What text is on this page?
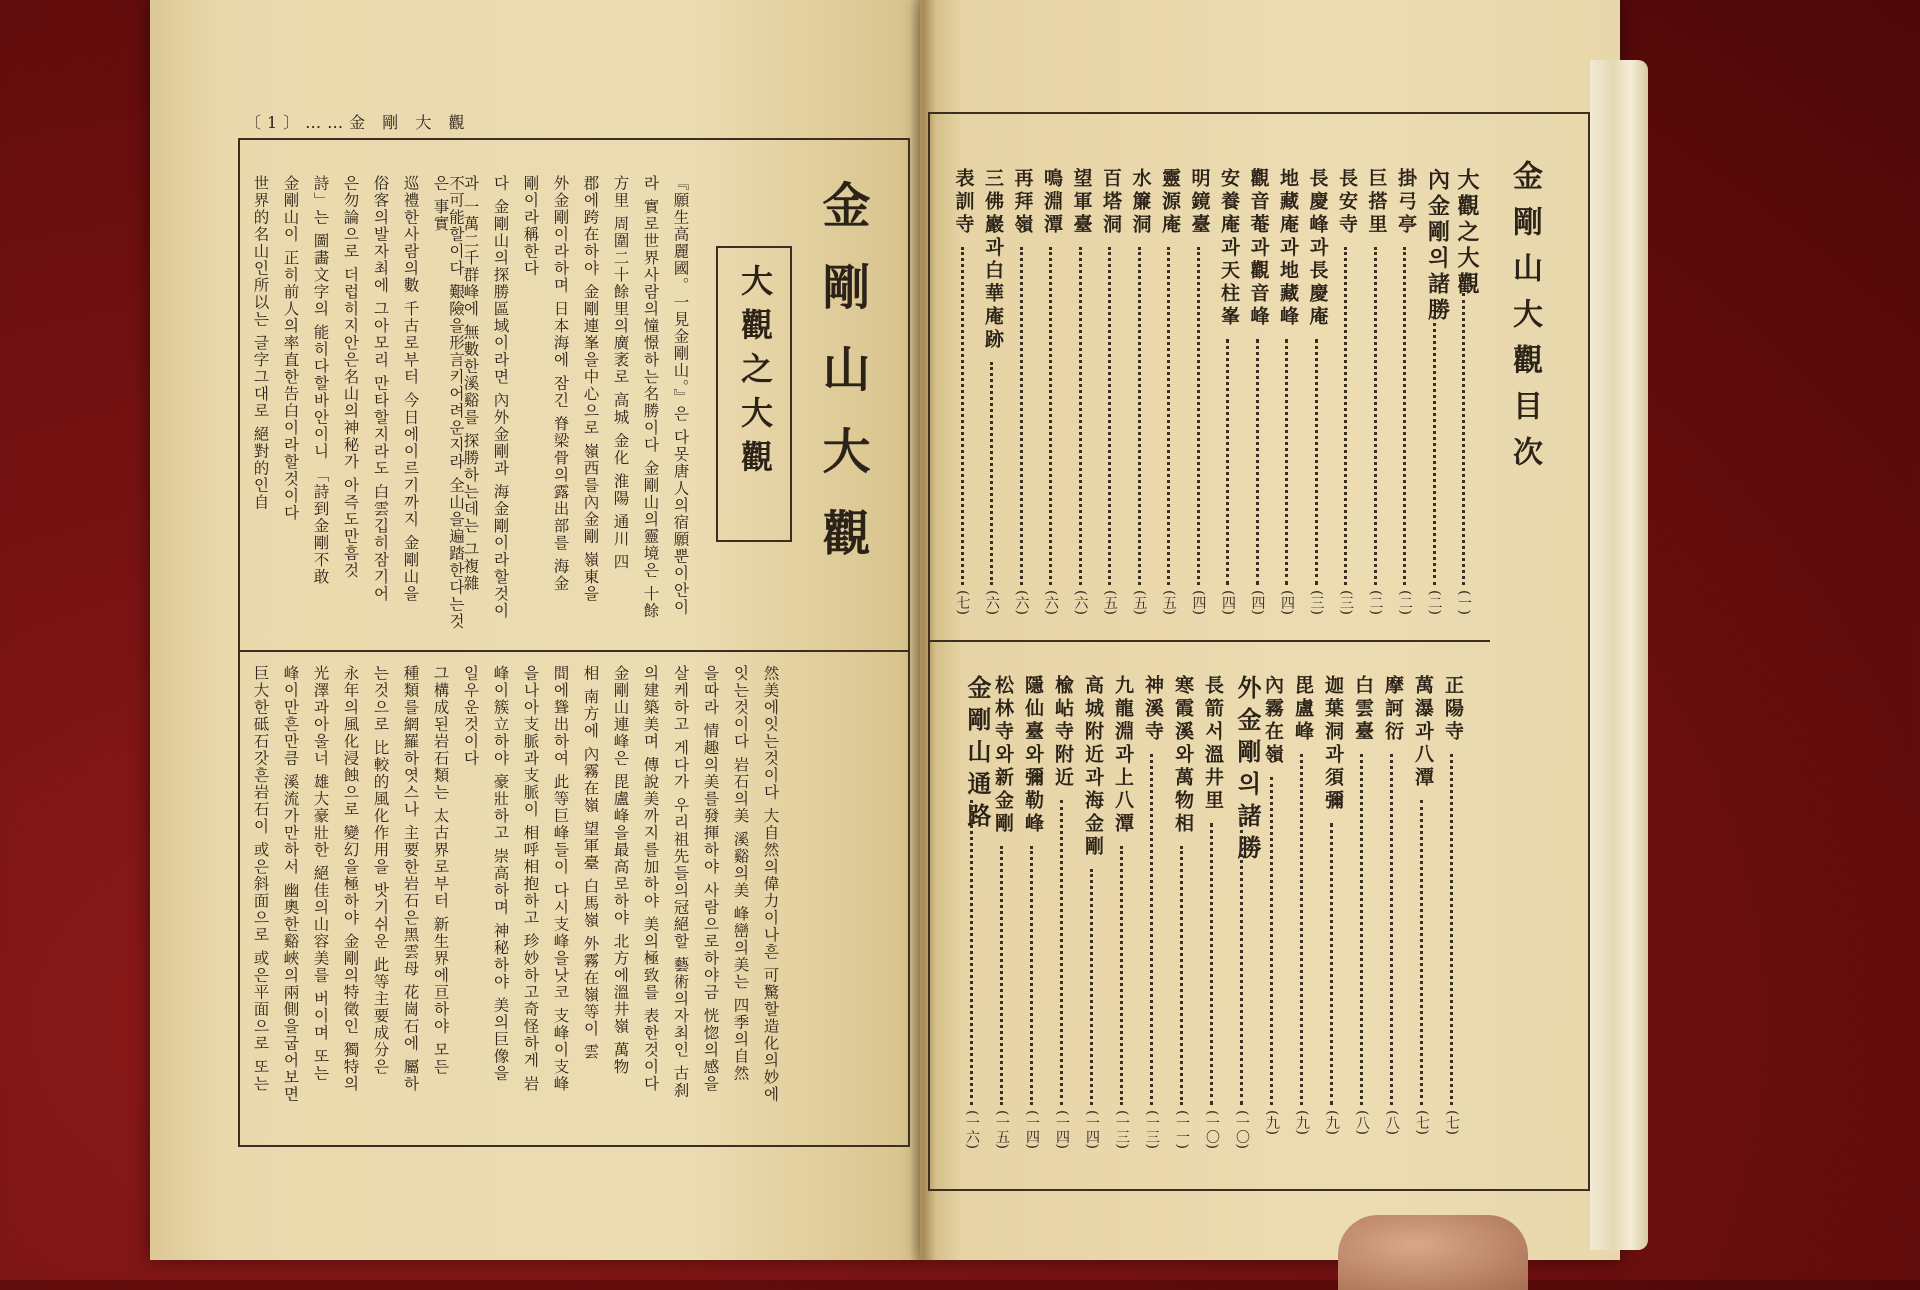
〔1〕……金 剛 大 觀
金剛山大觀
大觀之大觀
『願生高麗國。一見金剛山。』은 다못唐人의宿願뿐이안이
라 實로世界사람의憧憬하는名勝이다 金剛山의靈境은 十餘
方里 周圍二十餘里의廣袤로 高城 金化 淮陽 通川 四
郡에跨在하야 金剛連峯을中心으로 嶺西를內金剛 嶺東을
外金剛이라하며 日本海에 잠긴 脊梁骨의露出部를 海金
剛이라稱한다
다 金剛山의探勝區域이라면 內外金剛과 海金剛이라할것이
과 一萬二千群峰에 無數한溪谿를 探勝하는데는 그複雜
不可能할이다 艱險을形言키어려운지라 全山을遍踏한다는것은 事實
巡禮한사람의數 千古로부터 今日에이르기까지 金剛山을
俗客의발자최에 그아모리 만타할지라도 白雲깁히잠기어
은勿論으로 더럽히지안은名山의神秘가 아즉도만흠것
詩」는 圖畵文字의 能히다할바안이니 「詩到金剛不敢
金剛山이 正히前人의率直한告白이라할것이다
世界的名山인所以는 글字그대로 絕對的인自
然美에잇는것이다 大自然의偉力이나흔 可驚할造化의妙에
잇는것이다 岩石의美 溪谿의美 峰巒의美는 四季의自然
을따라 情趣의美를發揮하야 사람으로하야금 恍惚의感을
살케하고 게다가 우리祖先들의冠絕할 藝術의자최인 古刹
의建築美며 傳說美까지를加하야 美의極致를 表한것이다
金剛山連峰은 毘盧峰을最高로하야 北方에溫井嶺 萬物
相 南方에 內霧在嶺 望軍臺 白馬嶺 外霧在嶺等이 雲
間에聳出하여 此等巨峰들이 다시支峰을낫코 支峰이支峰
을나아支脈과支脈이 相呼相抱하고 珍妙하고奇怪하게 岩
峰이簇立하야 豪壯하고 崇高하며 神秘하야 美의巨像을
일우운것이다
그構成된岩石類는 太古界로부터 新生界에亘하야 모든
種類를網羅하엿스나 主要한岩石은黑雲母 花崗石에 屬하
는것으로 比較的風化作用을 밧기쉬운 此等主要成分은
永年의風化浸蝕으로 變幻을極하야 金剛의特徵인 獨特의
光澤과아울너 雄大豪壯한 絕佳의山容美를 버이며 또는
峰이만흔만큼 溪流가만하서 幽奧한谿峽의兩側을굽어보면
巨大한砥石갓흔岩石이 或은斜面으로 或은平面으로 또는
金剛山大觀目次
大觀之大觀
(一)
內金剛의諸勝
(二)
掛弓亭
(二)
巨搭里
(二)
長安寺
(三)
長慶峰과長慶庵
(三)
地藏庵과地藏峰
(四)
觀音菴과觀音峰
(四)
安養庵과天柱峯
(四)
明鏡臺
(四)
靈源庵
(五)
水簾洞
(五)
百塔洞
(五)
望軍臺
(六)
鳴淵潭
(六)
再拜嶺
(六)
三佛巖과白華庵跡
(六)
表訓寺
(七)
正陽寺
(七)
萬瀑과八潭
(七)
摩訶衍
(八)
白雲臺
(八)
迦葉洞과須彌
(九)
毘盧峰
(九)
內霧在嶺
(九)
外金剛의諸勝
(一〇)
長箭서溫井里
(一〇)
寒霞溪와萬物相
(一一)
神溪寺
(一三)
九龍淵과上八潭
(一三)
高城附近과海金剛
(一四)
楡岾寺附近
(一四)
隱仙臺와彌勒峰
(一四)
松林寺와新金剛
(一五)
金剛山通路
(一六)
